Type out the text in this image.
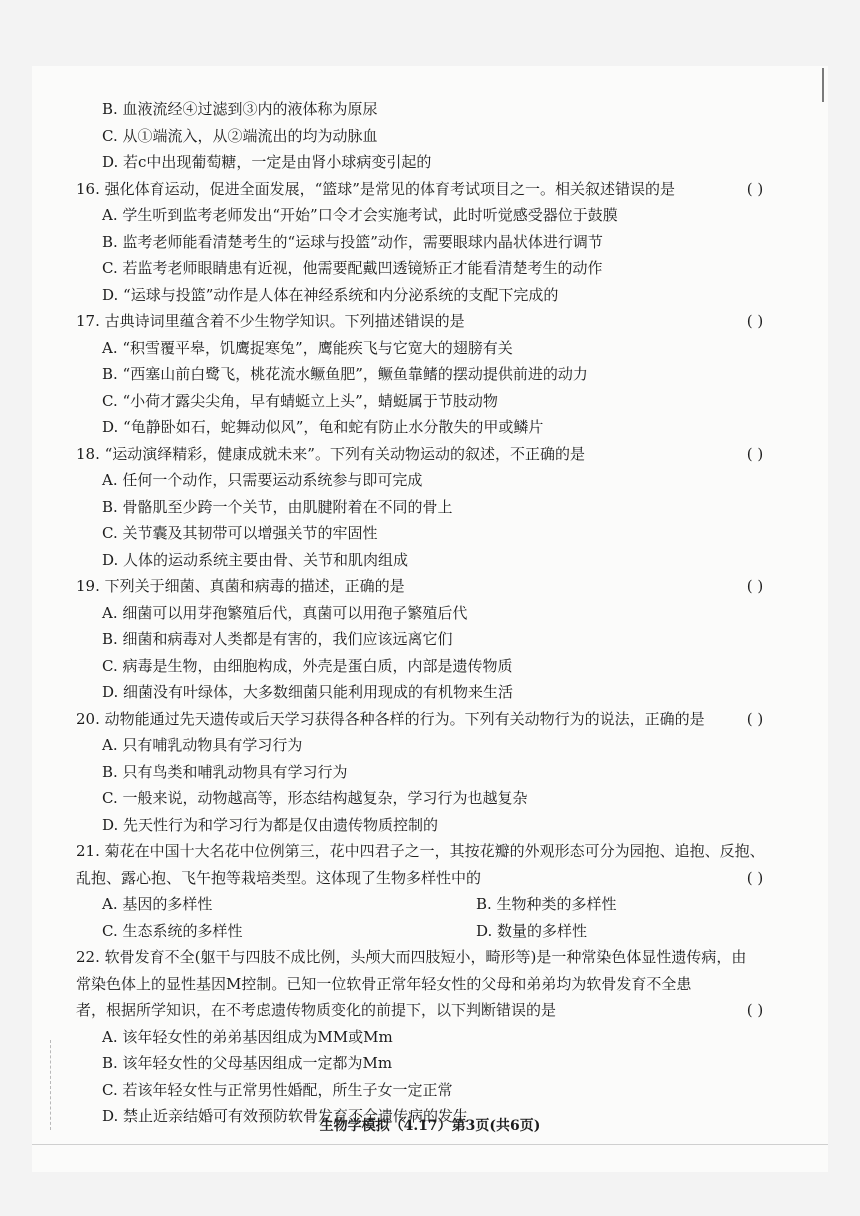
B. 血液流经④过滤到③内的液体称为原尿
C. 从①端流入，从②端流出的均为动脉血
D. 若c中出现葡萄糖，一定是由肾小球病变引起的
16. 强化体育运动，促进全面发展，“篮球”是常见的体育考试项目之一。相关叙述错误的是	( )
A. 学生听到监考老师发出“开始”口令才会实施考试，此时听觉感受器位于鼓膜
B. 监考老师能看清楚考生的“运球与投篮”动作，需要眼球内晶状体进行调节
C. 若监考老师眼睛患有近视，他需要配戴凹透镜矫正才能看清楚考生的动作
D. “运球与投篮”动作是人体在神经系统和内分泌系统的支配下完成的
17. 古典诗词里蕴含着不少生物学知识。下列描述错误的是	( )
A. “积雪覆平皋，饥鹰捉寒兔”，鹰能疾飞与它宽大的翅膀有关
B. “西塞山前白鹭飞，桃花流水鳜鱼肥”，鳜鱼靠鳍的摆动提供前进的动力
C. “小荷才露尖尖角，早有蜻蜓立上头”，蜻蜓属于节肢动物
D. “龟静卧如石，蛇舞动似风”，龟和蛇有防止水分散失的甲或鳞片
18. “运动演绎精彩，健康成就未来”。下列有关动物运动的叙述，不正确的是	( )
A. 任何一个动作，只需要运动系统参与即可完成
B. 骨骼肌至少跨一个关节，由肌腱附着在不同的骨上
C. 关节囊及其韧带可以增强关节的牢固性
D. 人体的运动系统主要由骨、关节和肌肉组成
19. 下列关于细菌、真菌和病毒的描述，正确的是	( )
A. 细菌可以用芽孢繁殖后代，真菌可以用孢子繁殖后代
B. 细菌和病毒对人类都是有害的，我们应该远离它们
C. 病毒是生物，由细胞构成，外壳是蛋白质，内部是遗传物质
D. 细菌没有叶绿体，大多数细菌只能利用现成的有机物来生活
20. 动物能通过先天遗传或后天学习获得各种各样的行为。下列有关动物行为的说法，正确的是	( )
A. 只有哺乳动物具有学习行为
B. 只有鸟类和哺乳动物具有学习行为
C. 一般来说，动物越高等，形态结构越复杂，学习行为也越复杂
D. 先天性行为和学习行为都是仅由遗传物质控制的
21. 菊花在中国十大名花中位例第三，花中四君子之一，其按花瓣的外观形态可分为园抱、追抱、反抱、
乱抱、露心抱、飞午抱等栽培类型。这体现了生物多样性中的	( )
A. 基因的多样性	B. 生物种类的多样性
C. 生态系统的多样性	D. 数量的多样性
22. 软骨发育不全(躯干与四肢不成比例，头颅大而四肢短小，畸形等)是一种常染色体显性遗传病，由
常染色体上的显性基因M控制。已知一位软骨正常年轻女性的父母和弟弟均为软骨发育不全患
者，根据所学知识，在不考虑遗传物质变化的前提下，以下判断错误的是	( )
A. 该年轻女性的弟弟基因组成为MM或Mm
B. 该年轻女性的父母基因组成一定都为Mm
C. 若该年轻女性与正常男性婚配，所生子女一定正常
D. 禁止近亲结婚可有效预防软骨发育不全遗传病的发生
生物学模拟（4.17）第3页(共6页)
